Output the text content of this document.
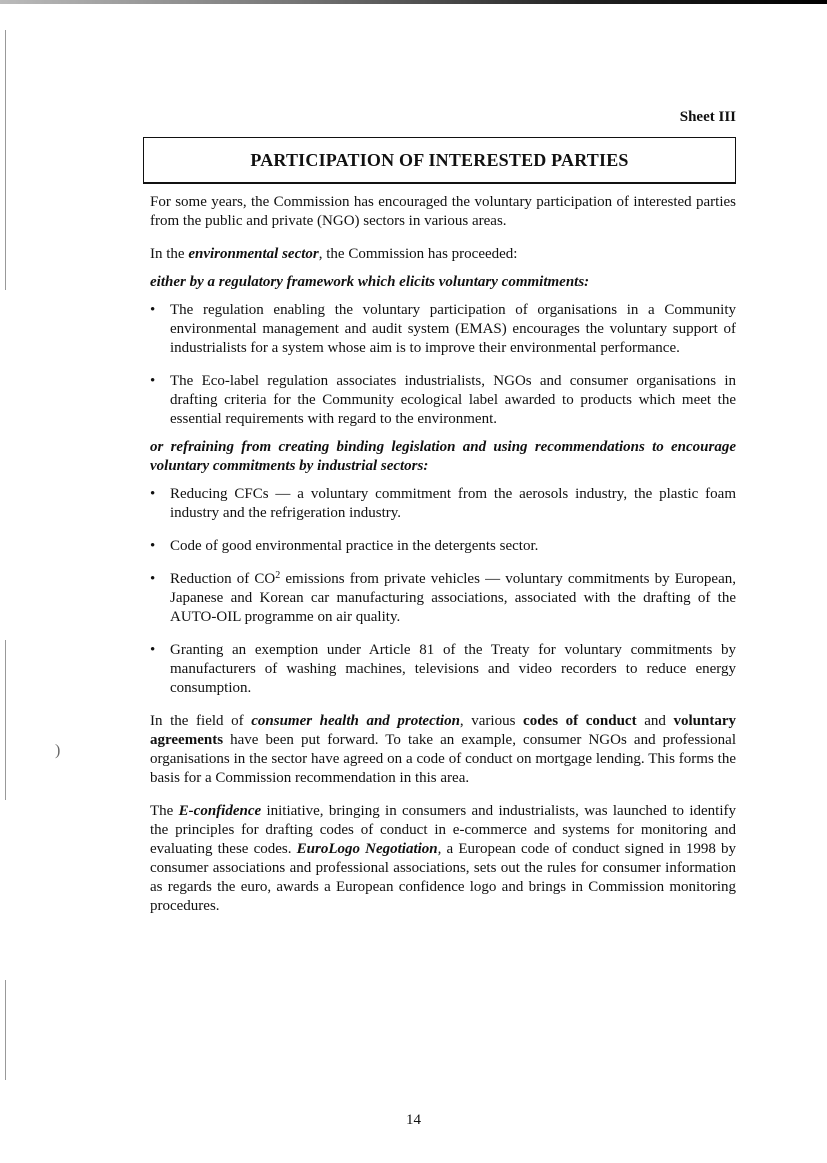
)
Sheet III
PARTICIPATION OF INTERESTED PARTIES

For some years, the Commission has encouraged the voluntary participation of interested parties from the public and private (NGO) sectors in various areas.

In the environmental sector, the Commission has proceeded:

either by a regulatory framework which elicits voluntary commitments:

• The regulation enabling the voluntary participation of organisations in a Community environmental management and audit system (EMAS) encourages the voluntary support of industrialists for a system whose aim is to improve their environmental performance.
• The Eco-label regulation associates industrialists, NGOs and consumer organisations in drafting criteria for the Community ecological label awarded to products which meet the essential requirements with regard to the environment.

or refraining from creating binding legislation and using recommendations to encourage voluntary commitments by industrial sectors:

• Reducing CFCs — a voluntary commitment from the aerosols industry, the plastic foam industry and the refrigeration industry.
• Code of good environmental practice in the detergents sector.
• Reduction of $CO^2$ emissions from private vehicles — voluntary commitments by European, Japanese and Korean car manufacturing associations, associated with the drafting of the AUTO-OIL programme on air quality.
• Granting an exemption under Article 81 of the Treaty for voluntary commitments by manufacturers of washing machines, televisions and video recorders to reduce energy consumption.

In the field of consumer health and protection, various codes of conduct and voluntary agreements have been put forward. To take an example, consumer NGOs and professional organisations in the sector have agreed on a code of conduct on mortgage lending. This forms the basis for a Commission recommendation in this area.

The E-confidence initiative, bringing in consumers and industrialists, was launched to identify the principles for drafting codes of conduct in e-commerce and systems for monitoring and evaluating these codes. EuroLogo Negotiation, a European code of conduct signed in 1998 by consumer associations and professional associations, sets out the rules for consumer information as regards the euro, awards a European confidence logo and brings in Commission monitoring procedures.

14
